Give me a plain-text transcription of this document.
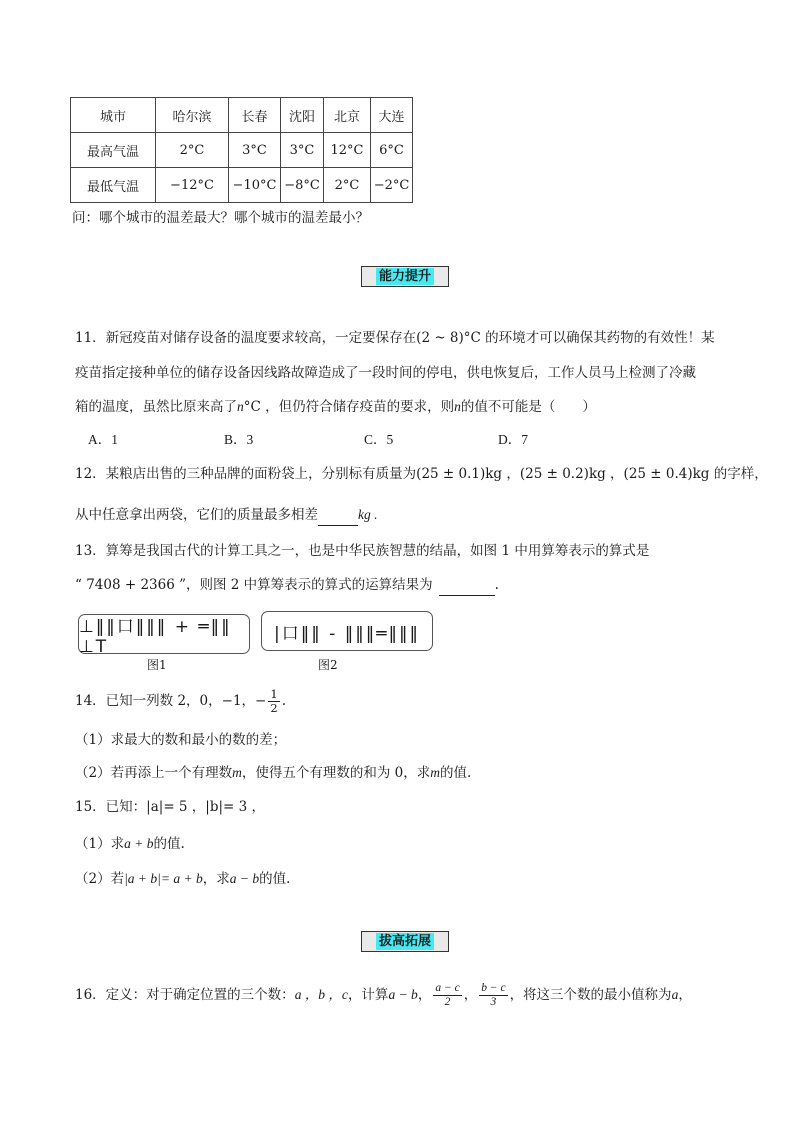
城市	哈尔滨	长春	沈阳	北京	大连
最高气温	2°C	3°C	3°C	12°C	6°C
最低气温	−12°C	−10°C	−8°C	2°C	−2°C
问：哪个城市的温差最大？哪个城市的温差最小？
能力提升
11．新冠疫苗对储存设备的温度要求较高，一定要保存在(2 ~ 8)°C 的环境才可以确保其药物的有效性！某
疫苗指定接种单位的储存设备因线路故障造成了一段时间的停电，供电恢复后，工作人员马上检测了冷藏
箱的温度，虽然比原来高了n°C ，但仍符合储存疫苗的要求，则n的值不可能是（　　）
A．1	B．3	C．5	D．7
12．某粮店出售的三种品牌的面粉袋上，分别标有质量为(25 ± 0.1)kg ，(25 ± 0.2)kg ，(25 ± 0.4)kg 的字样，
从中任意拿出两袋，它们的质量最多相差	kg .
13．算筹是我国古代的计算工具之一，也是中华民族智慧的结晶，如图 1 中用算筹表示的算式是
“ 7408 + 2366 ”，则图 2 中算筹表示的算式的运算结果为	.
⊥‖‖口‖‖‖ + ═‖‖ ⊥T
|口‖‖ - ‖‖‖═‖‖‖
图1	图2
14．已知一列数 2，0，−1，− $\frac{1}{2}$ .
（1）求最大的数和最小的数的差；
（2）若再添上一个有理数m，使得五个有理数的和为 0，求m的值.
15．已知：|a|= 5 ，|b|= 3 ，
（1）求a + b的值.
（2）若|a + b|= a + b，求a − b的值.
拔高拓展
16．定义：对于确定位置的三个数：a ，b ，c，计算a − b， $\frac{a - c}{2}$ ， $\frac{b - c}{3}$ ，将这三个数的最小值称为a，
